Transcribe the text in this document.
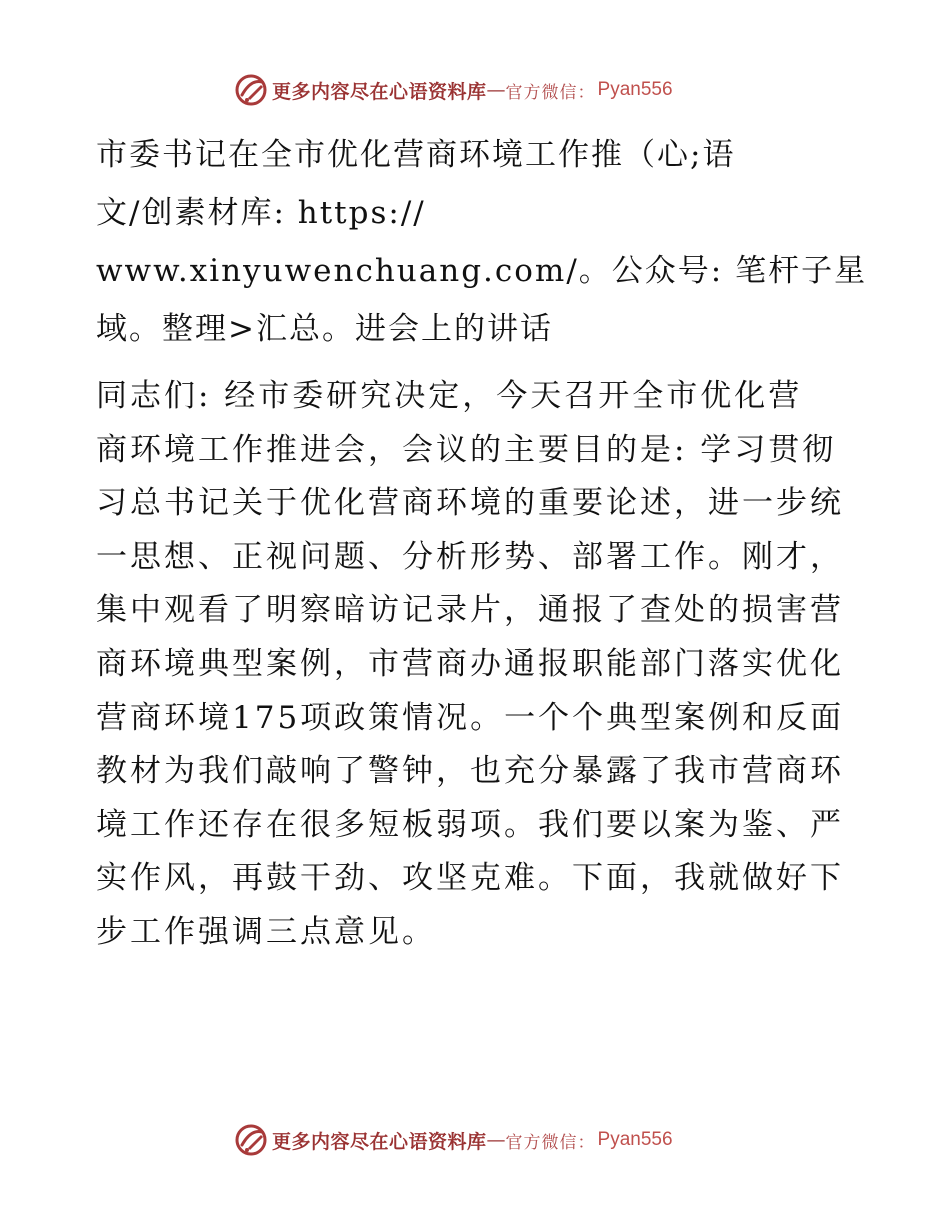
更多内容尽在心语资料库 — 官方微信： Pyan556
市委书记在全市优化营商环境工作推（心;语
文/创素材库: https://
www.xinyuwenchuang.com/。公众号: 笔杆子星
域。整理>汇总。进会上的讲话
同志们: 经市委研究决定，今天召开全市优化营
商环境工作推进会，会议的主要目的是: 学习贯彻
习总书记关于优化营商环境的重要论述，进一步统
一思想、正视问题、分析形势、部署工作。刚才，
集中观看了明察暗访记录片，通报了查处的损害营
商环境典型案例，市营商办通报职能部门落实优化
营商环境175项政策情况。一个个典型案例和反面
教材为我们敲响了警钟，也充分暴露了我市营商环
境工作还存在很多短板弱项。我们要以案为鉴、严
实作风，再鼓干劲、攻坚克难。下面，我就做好下
步工作强调三点意见。
更多内容尽在心语资料库 — 官方微信： Pyan556
